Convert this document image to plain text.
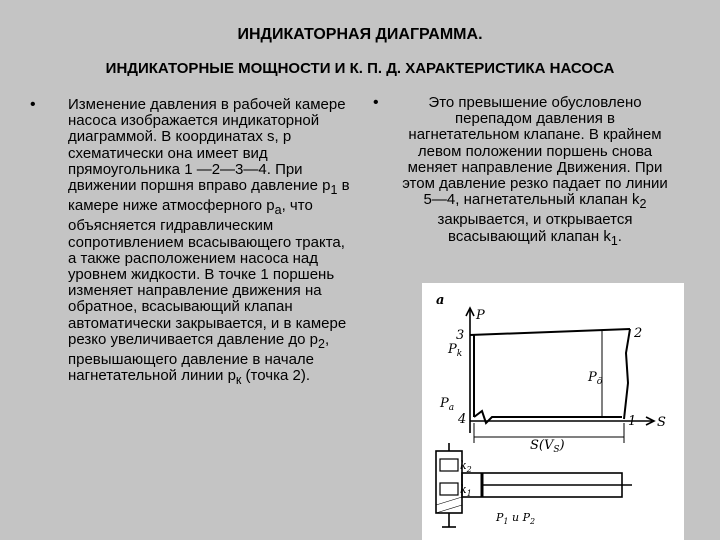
ИНДИКАТОРНАЯ ДИАГРАММА.
ИНДИКАТОРНЫЕ МОЩНОСТИ И К. П. Д. ХАРАКТЕРИСТИКА НАСОСА
•	Изменение давления в рабочей камере насоса изображается индикаторной диаграммой. В координатах s, р схематически она имеет вид прямоугольника 1 —2—3—4. При движении поршня вправо давление $р_1$ в камере ниже атмосферного $р_а$, что объясняется гидравлическим сопротивлением всасывающего тракта, а также расположением насоса над уровнем жидкости. В точке 1 поршень изменяет направление движения на обратное, всасывающий клапан автоматически закрывается, и в камере резко увеличивается давление до $р_2$, превышающего давление в начале нагнетательной линии $р_к$ (точка 2).
•	Это превышение обусловлено перепадом давления в нагнетательном клапане. В крайнем левом положении поршень снова меняет направление Движения. При этом давление резко падает по линии 5—4, нагнетательный клапан $k_2$ закрывается, и открывается всасывающий клапан $k_1$.
а
P
S
3	2
4	1
$P_k$
$P_a$
$P_д$
$S(V_S)$
$k_2$
$k_1$
$P_1$ и $P_2$
